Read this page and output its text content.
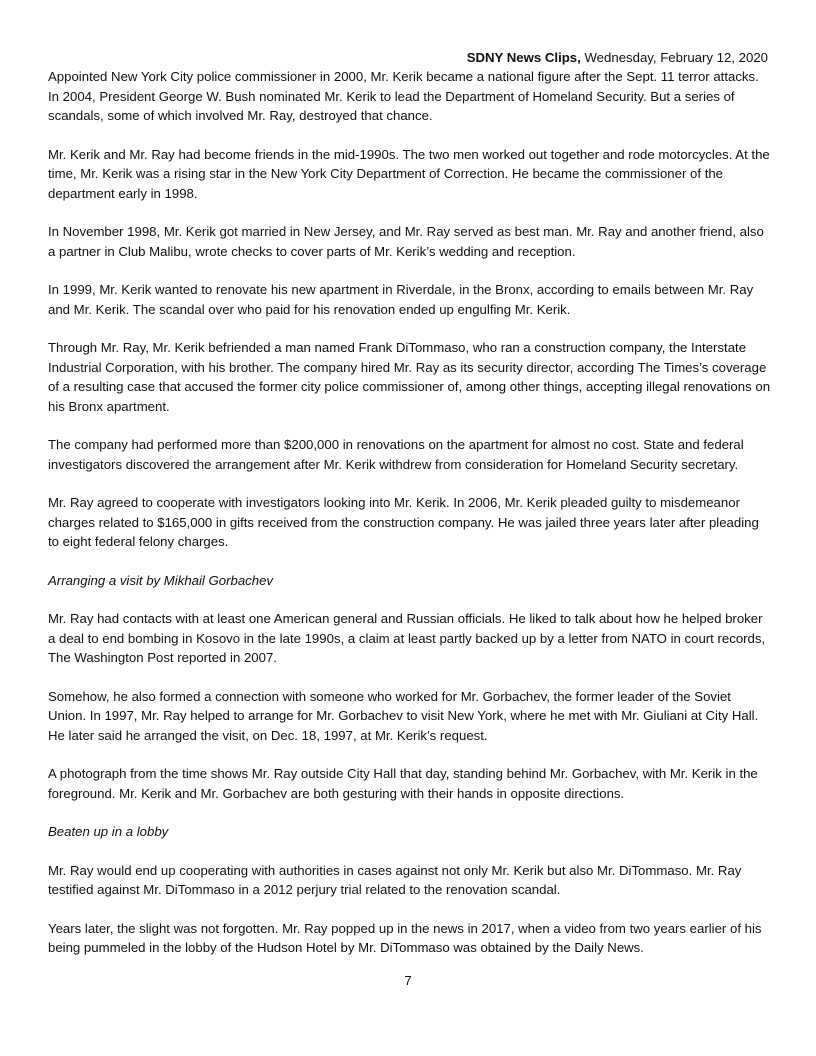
SDNY News Clips, Wednesday, February 12, 2020

Appointed New York City police commissioner in 2000, Mr. Kerik became a national figure after the Sept. 11 terror attacks. In 2004, President George W. Bush nominated Mr. Kerik to lead the Department of Homeland Security. But a series of scandals, some of which involved Mr. Ray, destroyed that chance.

Mr. Kerik and Mr. Ray had become friends in the mid-1990s. The two men worked out together and rode motorcycles. At the time, Mr. Kerik was a rising star in the New York City Department of Correction. He became the commissioner of the department early in 1998.

In November 1998, Mr. Kerik got married in New Jersey, and Mr. Ray served as best man. Mr. Ray and another friend, also a partner in Club Malibu, wrote checks to cover parts of Mr. Kerik’s wedding and reception.

In 1999, Mr. Kerik wanted to renovate his new apartment in Riverdale, in the Bronx, according to emails between Mr. Ray and Mr. Kerik. The scandal over who paid for his renovation ended up engulfing Mr. Kerik.

Through Mr. Ray, Mr. Kerik befriended a man named Frank DiTommaso, who ran a construction company, the Interstate Industrial Corporation, with his brother. The company hired Mr. Ray as its security director, according The Times’s coverage of a resulting case that accused the former city police commissioner of, among other things, accepting illegal renovations on his Bronx apartment.

The company had performed more than $200,000 in renovations on the apartment for almost no cost. State and federal investigators discovered the arrangement after Mr. Kerik withdrew from consideration for Homeland Security secretary.

Mr. Ray agreed to cooperate with investigators looking into Mr. Kerik. In 2006, Mr. Kerik pleaded guilty to misdemeanor charges related to $165,000 in gifts received from the construction company. He was jailed three years later after pleading to eight federal felony charges.

Arranging a visit by Mikhail Gorbachev

Mr. Ray had contacts with at least one American general and Russian officials. He liked to talk about how he helped broker a deal to end bombing in Kosovo in the late 1990s, a claim at least partly backed up by a letter from NATO in court records, The Washington Post reported in 2007.

Somehow, he also formed a connection with someone who worked for Mr. Gorbachev, the former leader of the Soviet Union. In 1997, Mr. Ray helped to arrange for Mr. Gorbachev to visit New York, where he met with Mr. Giuliani at City Hall. He later said he arranged the visit, on Dec. 18, 1997, at Mr. Kerik’s request.

A photograph from the time shows Mr. Ray outside City Hall that day, standing behind Mr. Gorbachev, with Mr. Kerik in the foreground. Mr. Kerik and Mr. Gorbachev are both gesturing with their hands in opposite directions.

Beaten up in a lobby

Mr. Ray would end up cooperating with authorities in cases against not only Mr. Kerik but also Mr. DiTommaso. Mr. Ray testified against Mr. DiTommaso in a 2012 perjury trial related to the renovation scandal.

Years later, the slight was not forgotten. Mr. Ray popped up in the news in 2017, when a video from two years earlier of his being pummeled in the lobby of the Hudson Hotel by Mr. DiTommaso was obtained by the Daily News.

7
